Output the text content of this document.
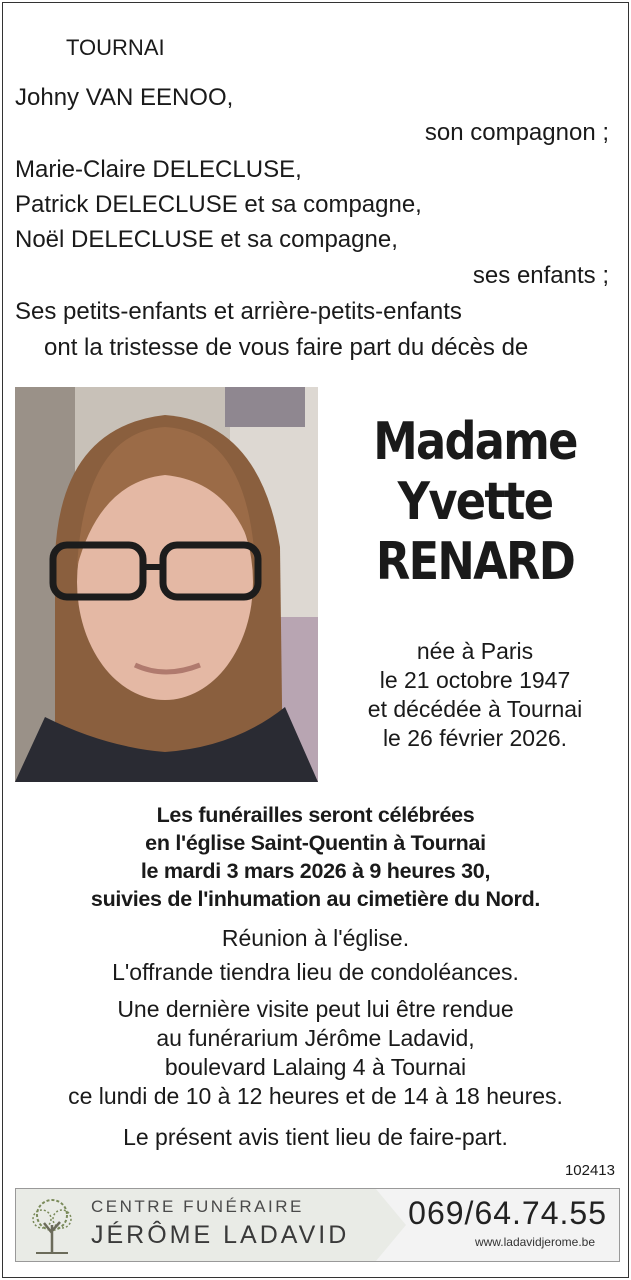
TOURNAI
Johny VAN EENOO,
son compagnon ;
Marie-Claire DELECLUSE,
Patrick DELECLUSE et sa compagne,
Noël DELECLUSE et sa compagne,
ses enfants ;
Ses petits-enfants et arrière-petits-enfants
ont la tristesse de vous faire part du décès de
Madame
Yvette
RENARD
née à Paris
le 21 octobre 1947
et décédée à Tournai
le 26 février 2026.
Les funérailles seront célébrées
en l'église Saint-Quentin à Tournai
le mardi 3 mars 2026 à 9 heures 30,
suivies de l'inhumation au cimetière du Nord.
Réunion à l'église.
L'offrande tiendra lieu de condoléances.
Une dernière visite peut lui être rendue
au funérarium Jérôme Ladavid,
boulevard Lalaing 4 à Tournai
ce lundi de 10 à 12 heures et de 14 à 18 heures.
Le présent avis tient lieu de faire-part.
102413
CENTRE FUNÉRAIRE
JÉRÔME LADAVID
069/64.74.55
www.ladavidjerome.be
